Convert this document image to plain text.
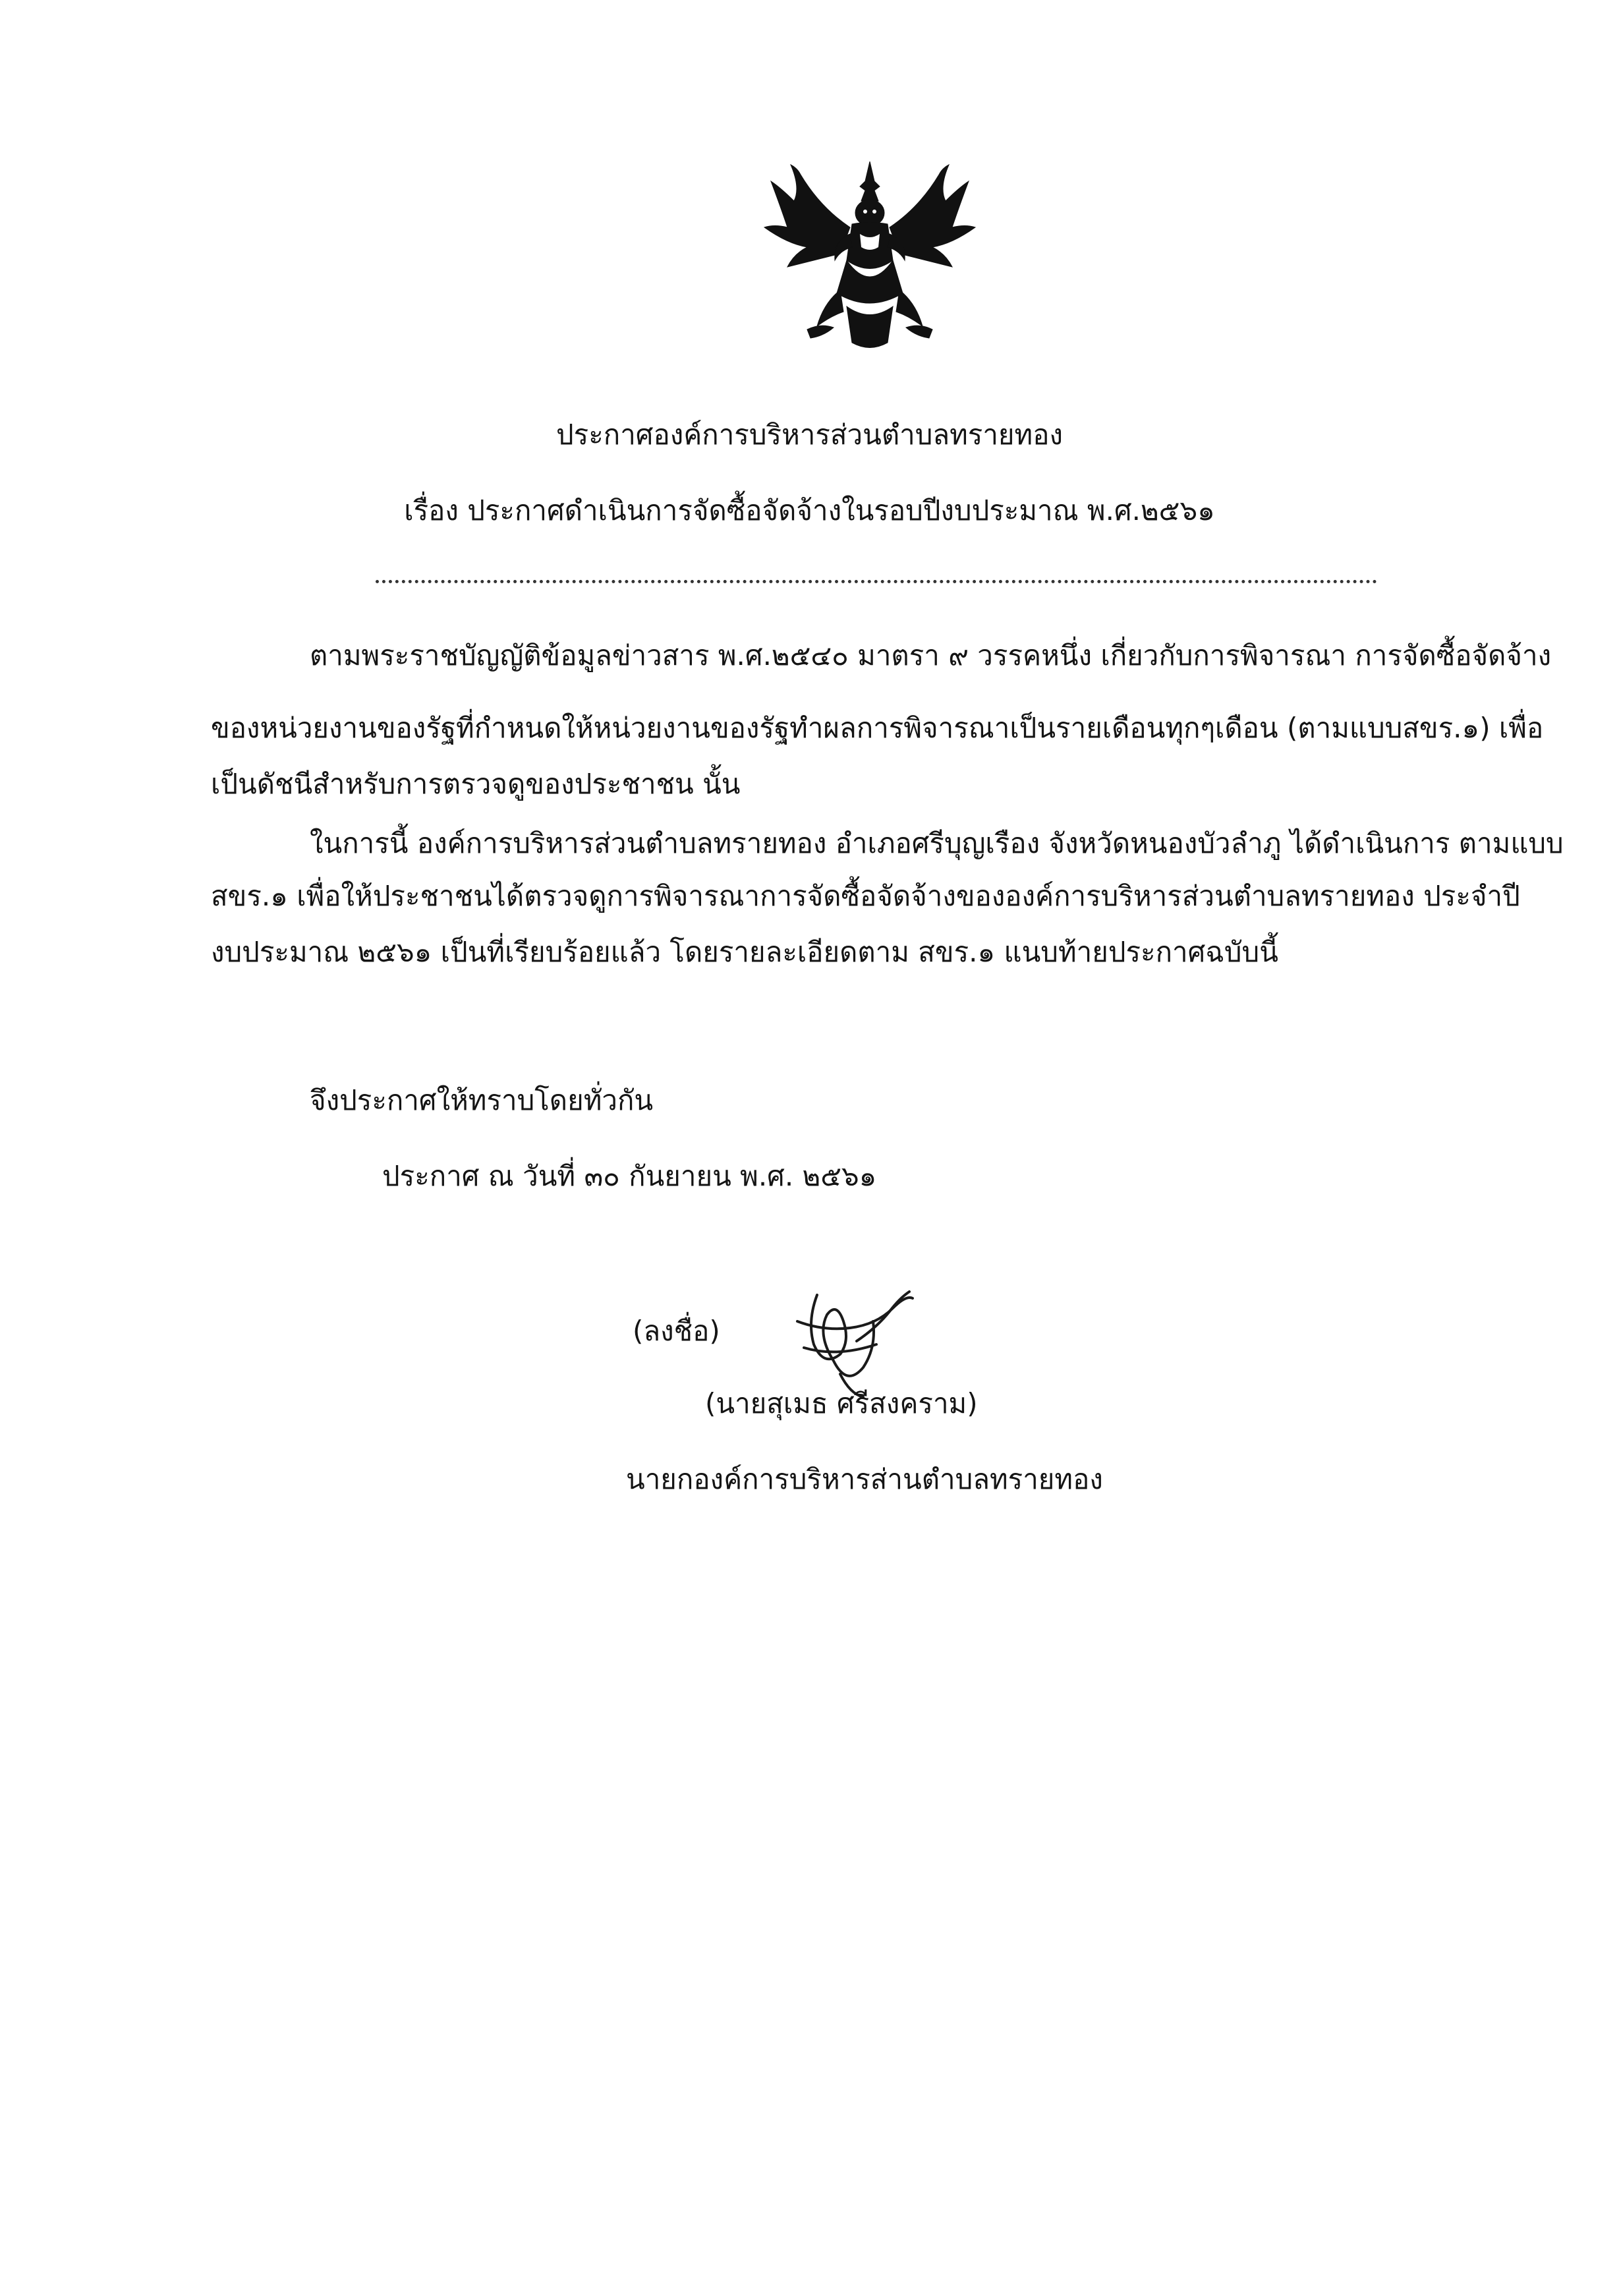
ประกาศองค์การบริหารส่วนตำบลทรายทอง
เรื่อง ประกาศดำเนินการจัดซื้อจัดจ้างในรอบปีงบประมาณ พ.ศ.๒๕๖๑
ตามพระราชบัญญัติข้อมูลข่าวสาร พ.ศ.๒๕๔๐ มาตรา ๙ วรรคหนึ่ง เกี่ยวกับการพิจารณา การจัดซื้อจัดจ้าง
ของหน่วยงานของรัฐที่กำหนดให้หน่วยงานของรัฐทำผลการพิจารณาเป็นรายเดือนทุกๆเดือน (ตามแบบสขร.๑) เพื่อ
เป็นดัชนีสำหรับการตรวจดูของประชาชน นั้น
ในการนี้ องค์การบริหารส่วนตำบลทรายทอง อำเภอศรีบุญเรือง จังหวัดหนองบัวลำภู ได้ดำเนินการ ตามแบบ
สขร.๑ เพื่อให้ประชาชนได้ตรวจดูการพิจารณาการจัดซื้อจัดจ้างขององค์การบริหารส่วนตำบลทรายทอง ประจำปี
งบประมาณ ๒๕๖๑ เป็นที่เรียบร้อยแล้ว โดยรายละเอียดตาม สขร.๑ แนบท้ายประกาศฉบับนี้
จึงประกาศให้ทราบโดยทั่วกัน
ประกาศ ณ วันที่ ๓๐ กันยายน พ.ศ. ๒๕๖๑
(ลงชื่อ)
(นายสุเมธ ศรีสงคราม)
นายกองค์การบริหารส่านตำบลทรายทอง
